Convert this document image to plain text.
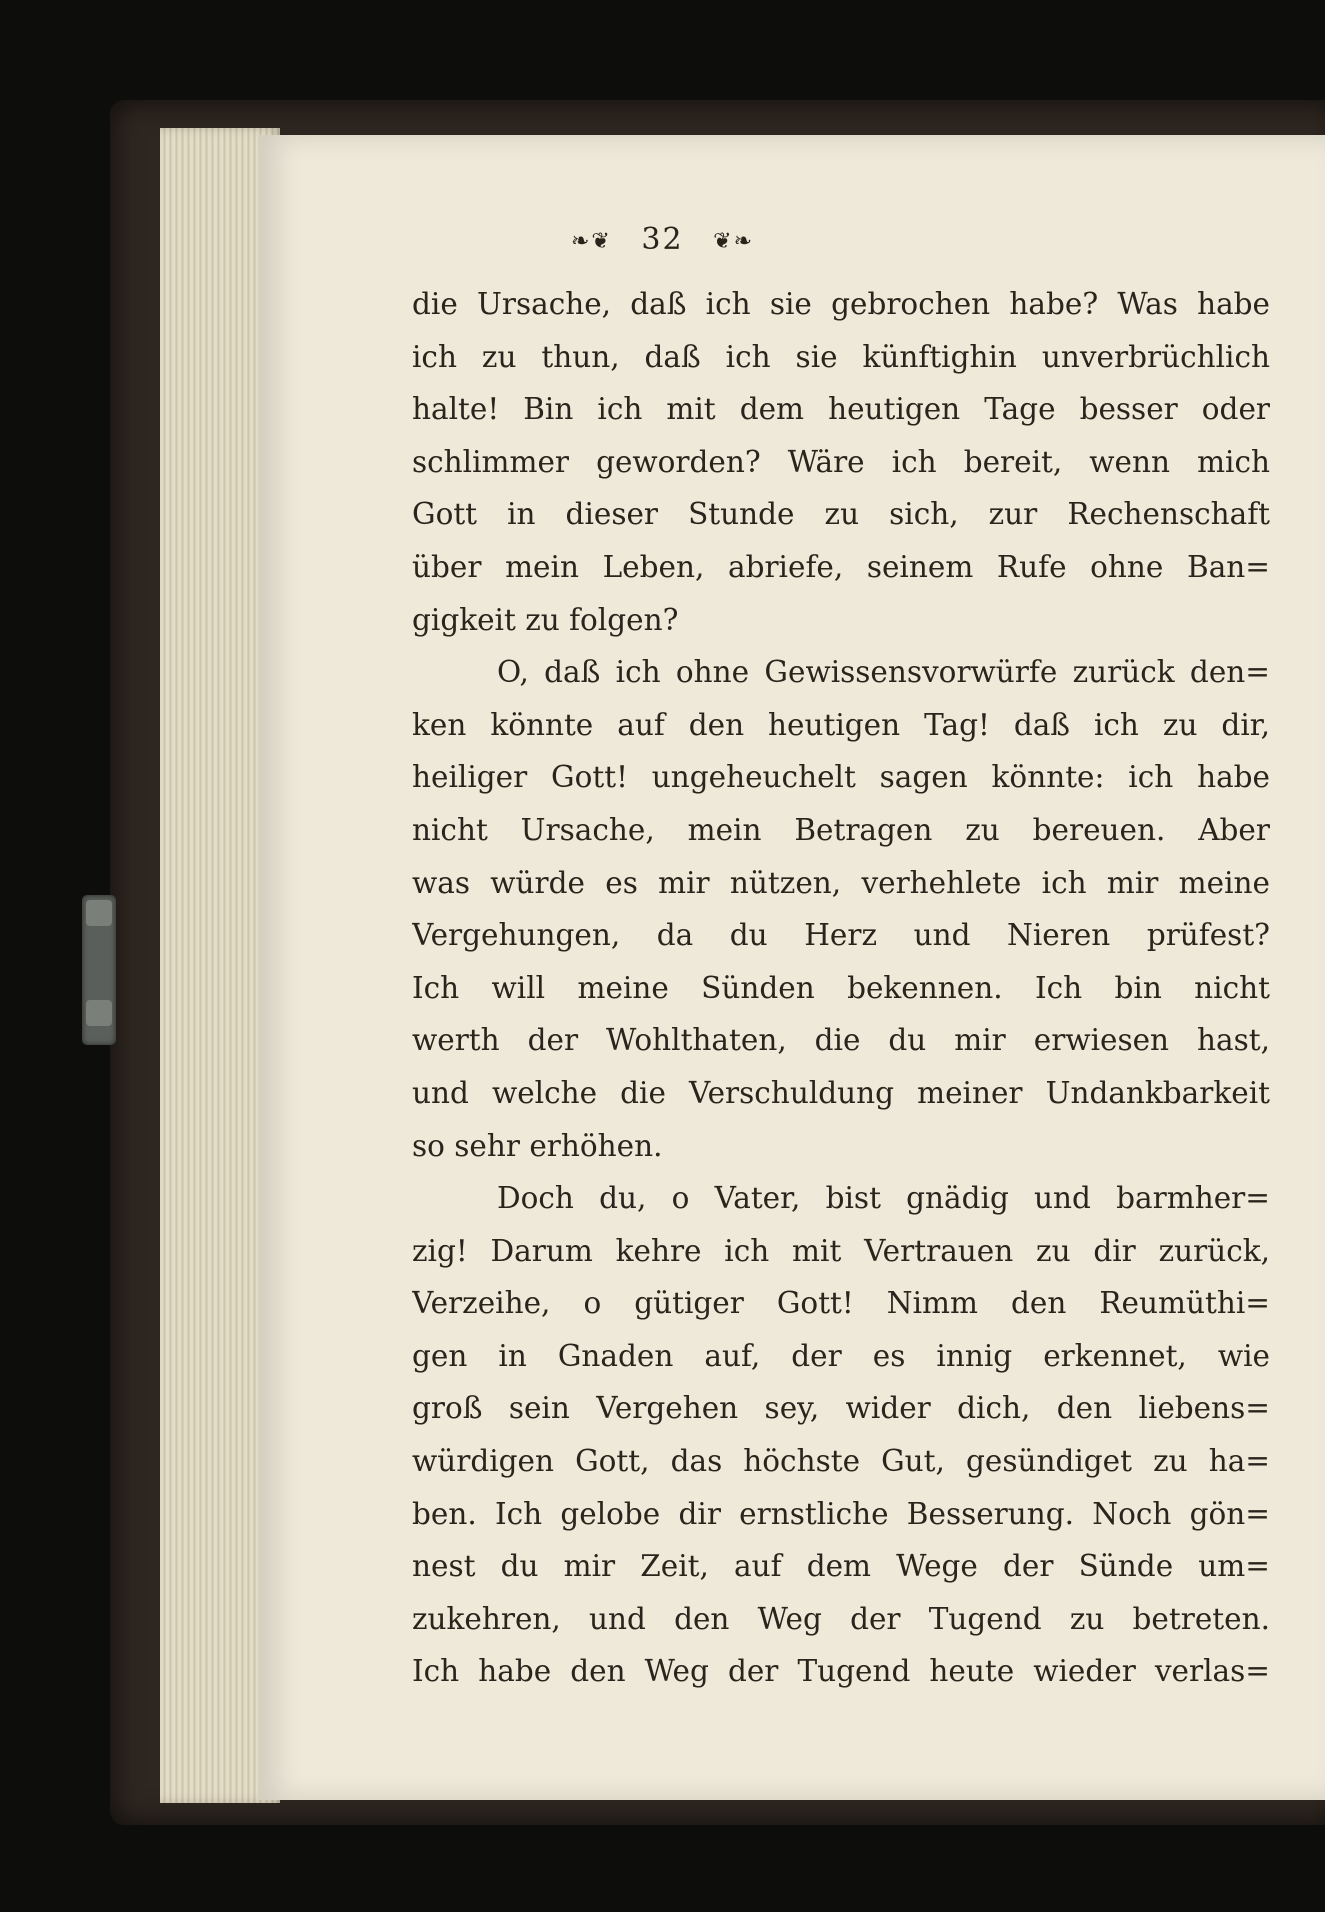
❧❦ 32 ❦❧
die Ursache, daß ich sie gebrochen habe? Was habe
ich zu thun, daß ich sie künftighin unverbrüchlich
halte! Bin ich mit dem heutigen Tage besser oder
schlimmer geworden? Wäre ich bereit, wenn mich
Gott in dieser Stunde zu sich, zur Rechenschaft
über mein Leben, abriefe, seinem Rufe ohne Ban=
gigkeit zu folgen?
O, daß ich ohne Gewissensvorwürfe zurück den=
ken könnte auf den heutigen Tag! daß ich zu dir,
heiliger Gott! ungeheuchelt sagen könnte: ich habe
nicht Ursache, mein Betragen zu bereuen. Aber
was würde es mir nützen, verhehlete ich mir meine
Vergehungen, da du Herz und Nieren prüfest?
Ich will meine Sünden bekennen. Ich bin nicht
werth der Wohlthaten, die du mir erwiesen hast,
und welche die Verschuldung meiner Undankbarkeit
so sehr erhöhen.
Doch du, o Vater, bist gnädig und barmher=
zig! Darum kehre ich mit Vertrauen zu dir zurück,
Verzeihe, o gütiger Gott! Nimm den Reumüthi=
gen in Gnaden auf, der es innig erkennet, wie
groß sein Vergehen sey, wider dich, den liebens=
würdigen Gott, das höchste Gut, gesündiget zu ha=
ben. Ich gelobe dir ernstliche Besserung. Noch gön=
nest du mir Zeit, auf dem Wege der Sünde um=
zukehren, und den Weg der Tugend zu betreten.
Ich habe den Weg der Tugend heute wieder verlas=
